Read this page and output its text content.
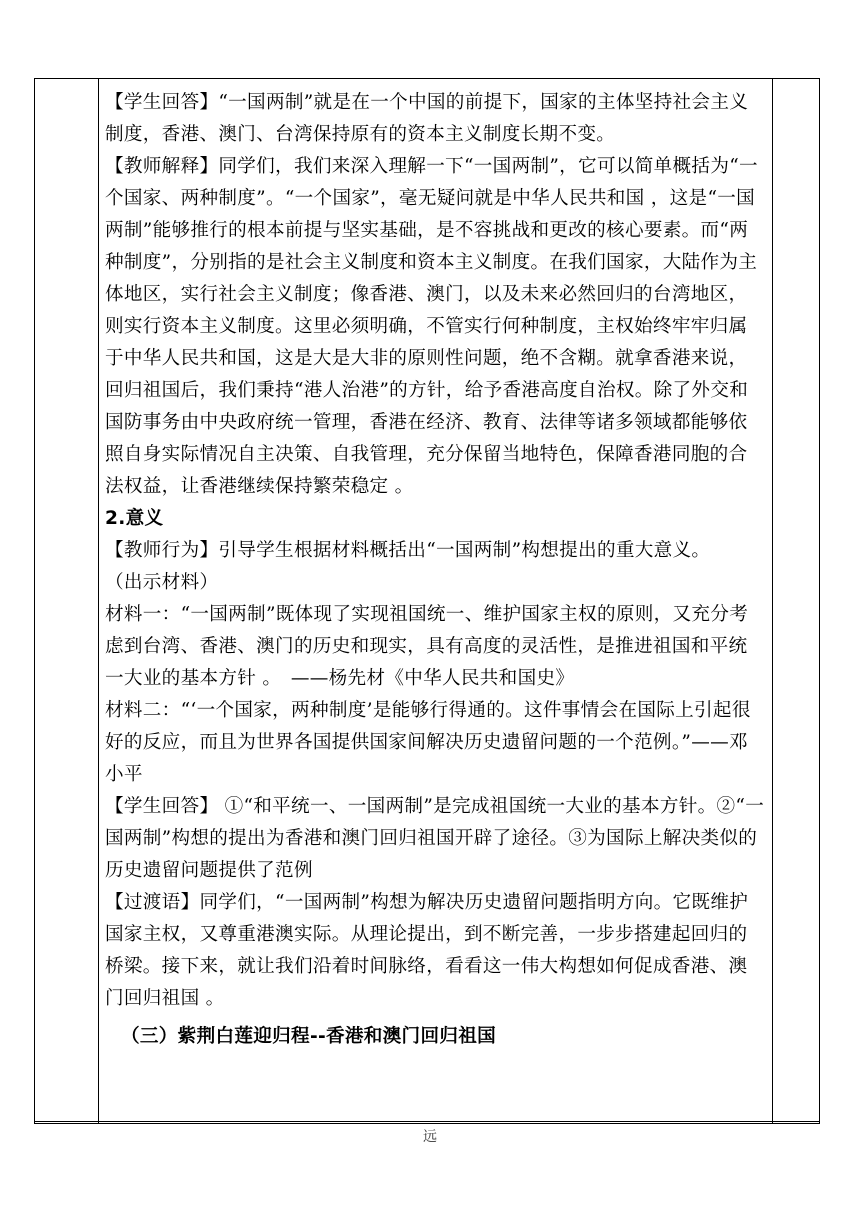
【学生回答】“一国两制”就是在一个中国的前提下，国家的主体坚持社会主义制度，香港、澳门、台湾保持原有的资本主义制度长期不变。

【教师解释】同学们，我们来深入理解一下“一国两制”，它可以简单概括为“一个国家、两种制度”。“一个国家”，毫无疑问就是中华人民共和国 ，这是“一国两制”能够推行的根本前提与坚实基础，是不容挑战和更改的核心要素。而“两种制度”，分别指的是社会主义制度和资本主义制度。在我们国家，大陆作为主体地区，实行社会主义制度；像香港、澳门，以及未来必然回归的台湾地区，则实行资本主义制度。这里必须明确，不管实行何种制度，主权始终牢牢归属于中华人民共和国，这是大是大非的原则性问题，绝不含糊。就拿香港来说，回归祖国后，我们秉持“港人治港”的方针，给予香港高度自治权。除了外交和国防事务由中央政府统一管理，香港在经济、教育、法律等诸多领域都能够依照自身实际情况自主决策、自我管理，充分保留当地特色，保障香港同胞的合法权益，让香港继续保持繁荣稳定 。

2.意义

【教师行为】引导学生根据材料概括出“一国两制”构想提出的重大意义。

（出示材料）

材料一：“一国两制”既体现了实现祖国统一、维护国家主权的原则，又充分考虑到台湾、香港、澳门的历史和现实，具有高度的灵活性，是推进祖国和平统一大业的基本方针 。　——杨先材《中华人民共和国史》

材料二：“‘一个国家，两种制度’是能够行得通的。这件事情会在国际上引起很好的反应，而且为世界各国提供国家间解决历史遗留问题的一个范例。”——邓小平

【学生回答】 ①“和平统一、一国两制”是完成祖国统一大业的基本方针。②“一国两制”构想的提出为香港和澳门回归祖国开辟了途径。③为国际上解决类似的历史遗留问题提供了范例

【过渡语】同学们，“一国两制”构想为解决历史遗留问题指明方向。它既维护国家主权，又尊重港澳实际。从理论提出，到不断完善，一步步搭建起回归的桥梁。接下来，就让我们沿着时间脉络，看看这一伟大构想如何促成香港、澳门回归祖国 。

（三）紫荆白莲迎归程--香港和澳门回归祖国

远
